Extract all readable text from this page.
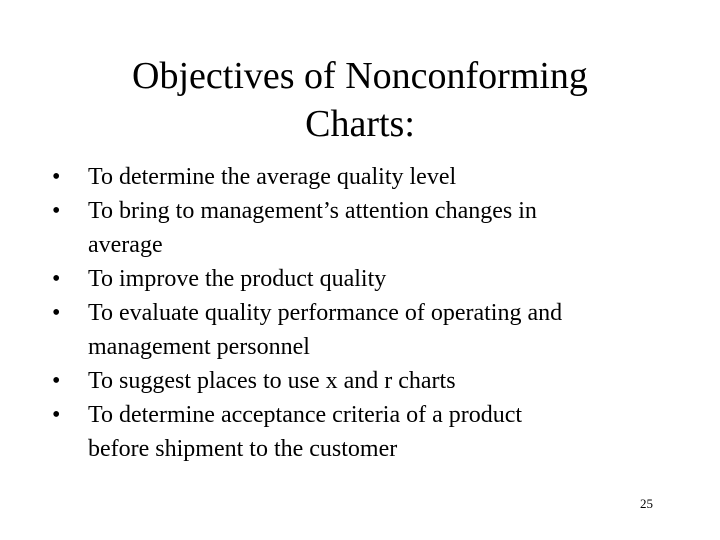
Objectives of Nonconforming
Charts:
•	To determine the average quality level
•	To bring to management’s attention changes in
average
•	To improve the product quality
•	To evaluate quality performance of operating and
management personnel
•	To suggest places to use x and r charts
•	To determine acceptance criteria of a product
before shipment to the customer
25
